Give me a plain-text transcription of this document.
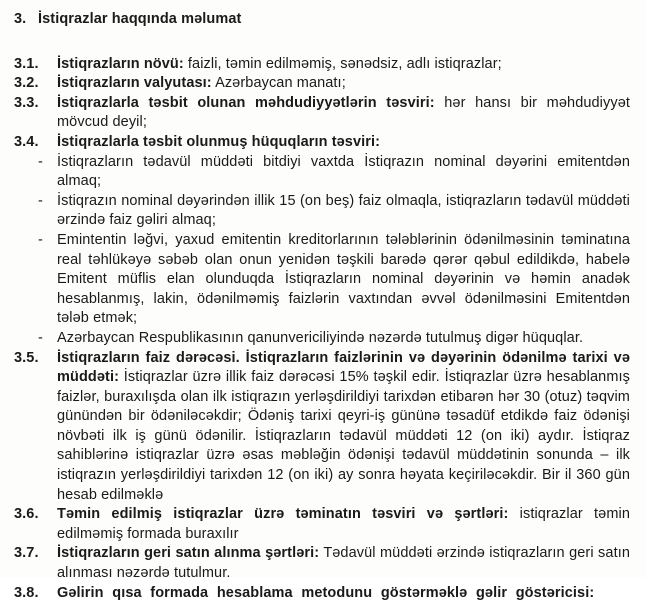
3. İstiqrazlar haqqında məlumat
3.1.	İstiqrazların növü: faizli, təmin edilməmiş, sənədsiz, adlı istiqrazlar;
3.2.	İstiqrazların valyutası: Azərbaycan manatı;
3.3.	İstiqrazlarla təsbit olunan məhdudiyyətlərin təsviri: hər hansı bir məhdudiyyət mövcud deyil;
3.4.	İstiqrazlarla təsbit olunmuş hüquqların təsviri:
- İstiqrazların tədavül müddəti bitdiyi vaxtda İstiqrazın nominal dəyərini emitentdən almaq;
- İstiqrazın nominal dəyərindən illik 15 (on beş) faiz olmaqla, istiqrazların tədavül müddəti ərzində faiz gəliri almaq;
- Emintentin ləğvi, yaxud emitentin kreditorlarının tələblərinin ödənilməsinin təminatına real təhlükəyə səbəb olan onun yenidən təşkili barədə qərər qəbul edildikdə, habelə Emitent müflis elan olunduqda İstiqrazların nominal dəyərinin və həmin anadək hesablanmış, lakin, ödənilməmiş faizlərin vaxtından əvvəl ödənilməsini Emitentdən tələb etmək;
- Azərbaycan Respublikasının qanunvericiliyində nəzərdə tutulmuş digər hüquqlar.
3.5.	İstiqrazların faiz dərəcəsi. İstiqrazların faizlərinin və dəyərinin ödənilmə tarixi və müddəti: İstiqrazlar üzrə illik faiz dərəcəsi 15% təşkil edir. İstiqrazlar üzrə hesablanmış faizlər, buraxılışda olan ilk istiqrazın yerləşdirildiyi tarixdən etibarən hər 30 (otuz) təqvim günündən bir ödəniləcəkdir; Ödəniş tarixi qeyri-iş gününə təsadüf etdikdə faiz ödənişi növbəti ilk iş günü ödənilir. İstiqrazların tədavül müddəti 12 (on iki) aydır. İstiqraz sahiblərinə istiqrazlar üzrə əsas məbləğin ödənişi tədavül müddətinin sonunda – ilk istiqrazın yerləşdirildiyi tarixdən 12 (on iki) ay sonra həyata keçiriləcəkdir. Bir il 360 gün hesab edilməklə
3.6.	Təmin edilmiş istiqrazlar üzrə təminatın təsviri və şərtləri: istiqrazlar təmin edilməmiş formada buraxılır
3.7.	İstiqrazların geri satın alınma şərtləri: Tədavül müddəti ərzində istiqrazların geri satın alınması nəzərdə tutulmur.
3.8.	Gəlirin qısa formada hesablama metodunu göstərməklə gəlir göstəricisi:
